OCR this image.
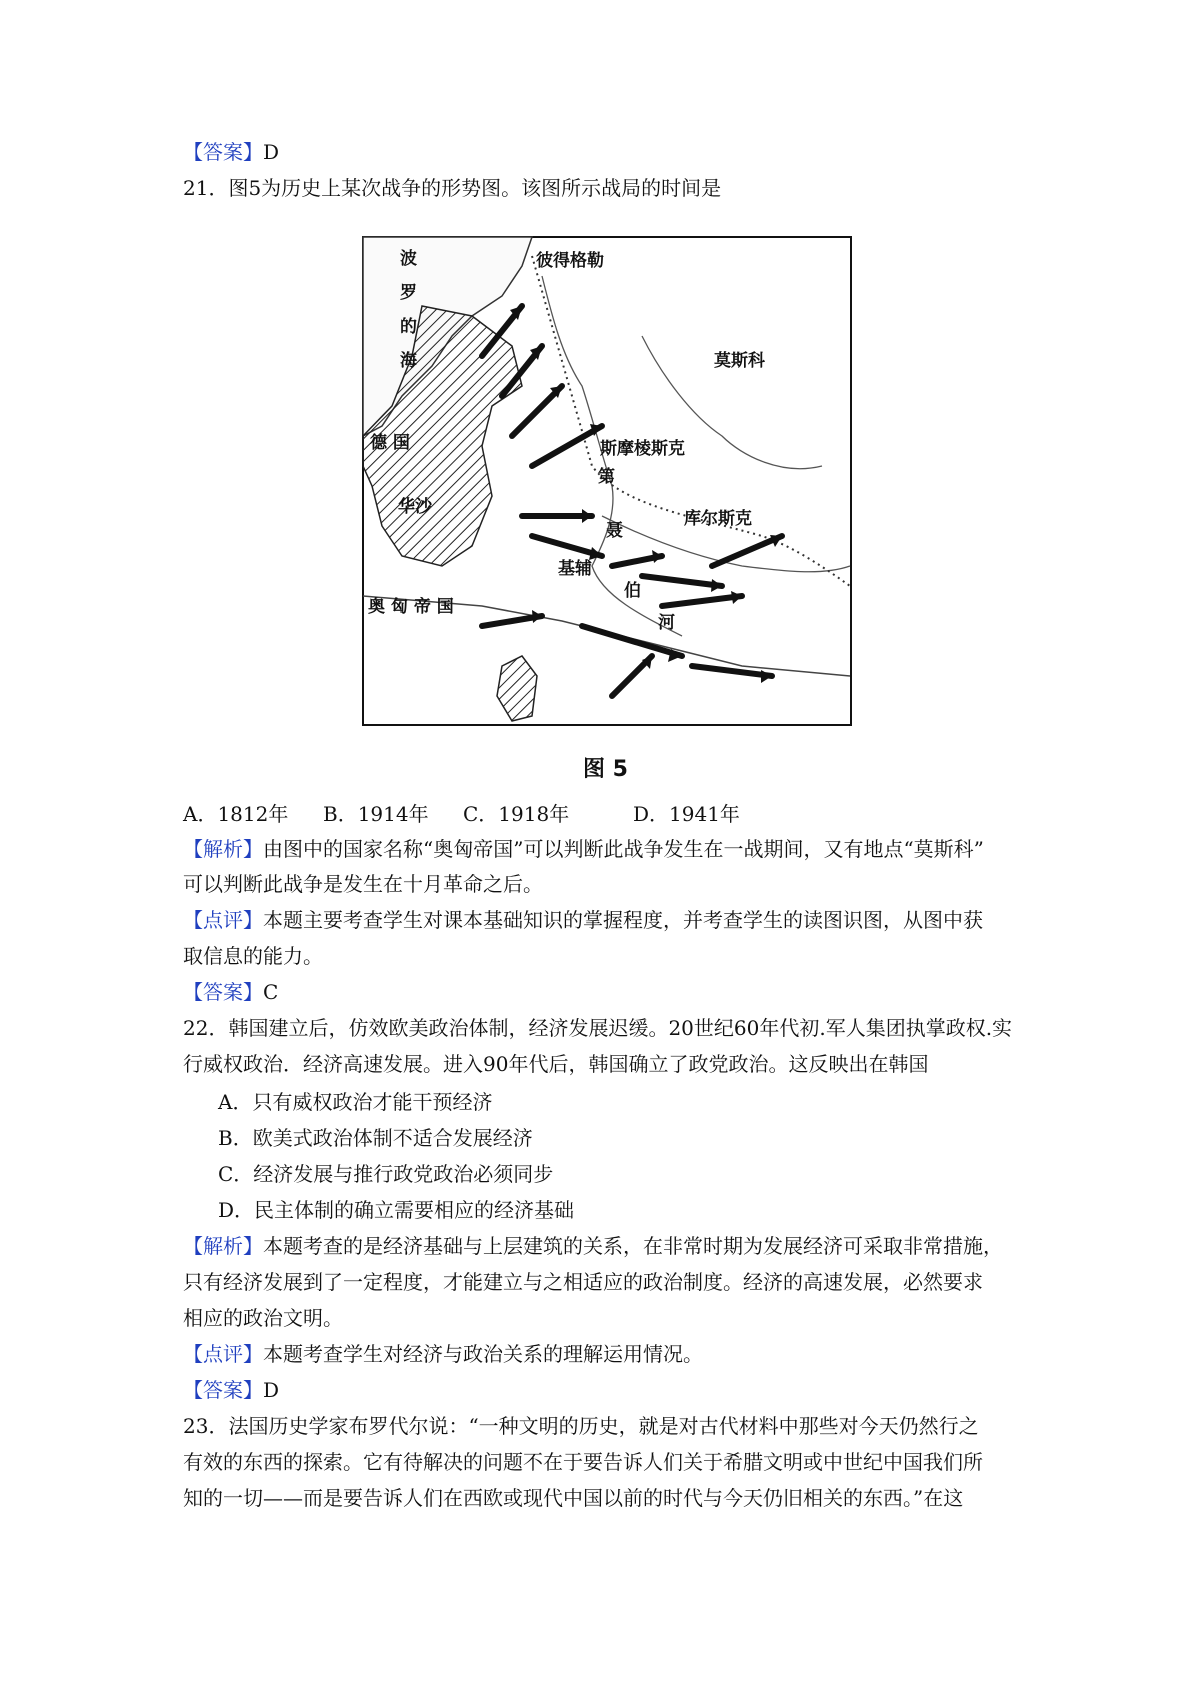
【答案】D
21．图5为历史上某次战争的形势图。该图所示战局的时间是
波
罗
的
海
彼得格勒
莫斯科
德 国	斯摩棱斯克
华沙
库尔斯克
基辅
奥 匈 帝 国
第
聂
伯
河
图 5
A．1812年 B．1914年 C．1918年	D．1941年
【解析】由图中的国家名称“奥匈帝国”可以判断此战争发生在一战期间，又有地点“莫斯科”
可以判断此战争是发生在十月革命之后。
【点评】本题主要考查学生对课本基础知识的掌握程度，并考查学生的读图识图，从图中获
取信息的能力。
【答案】C
22．韩国建立后，仿效欧美政治体制，经济发展迟缓。20世纪60年代初.军人集团执掌政权.实
行威权政治．经济高速发展。进入90年代后，韩国确立了政党政治。这反映出在韩国
A．只有威权政治才能干预经济
B．欧美式政治体制不适合发展经济
C．经济发展与推行政党政治必须同步
D．民主体制的确立需要相应的经济基础
【解析】本题考查的是经济基础与上层建筑的关系，在非常时期为发展经济可采取非常措施，
只有经济发展到了一定程度，才能建立与之相适应的政治制度。经济的高速发展，必然要求
相应的政治文明。
【点评】本题考查学生对经济与政治关系的理解运用情况。
【答案】D
23．法国历史学家布罗代尔说：“一种文明的历史，就是对古代材料中那些对今天仍然行之
有效的东西的探索。它有待解决的问题不在于要告诉人们关于希腊文明或中世纪中国我们所
知的一切——而是要告诉人们在西欧或现代中国以前的时代与今天仍旧相关的东西。”在这
